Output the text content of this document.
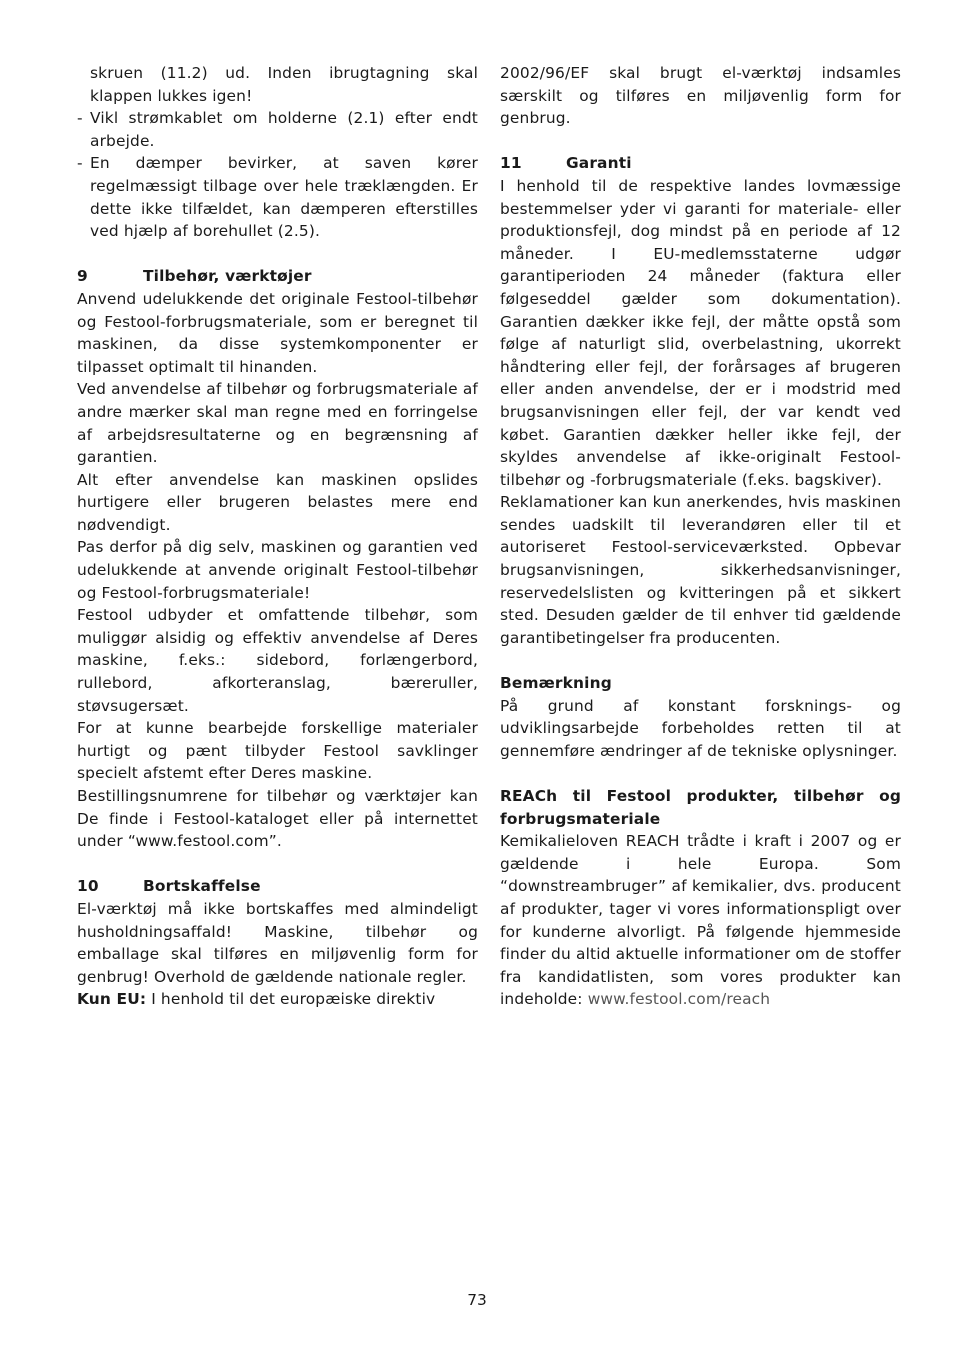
skruen (11.2) ud. Inden ibrugtagning skal klappen lukkes igen!

- Vikl strømkablet om holderne (2.1) efter endt arbejde.

- En dæmper bevirker, at saven kører regelmæssigt tilbage over hele træklængden. Er dette ikke tilfældet, kan dæmperen efterstilles ved hjælp af borehullet (2.5).

9	Tilbehør, værktøjer

Anvend udelukkende det originale Festool-tilbehør og Festool-forbrugsmateriale, som er beregnet til maskinen, da disse systemkomponenter er tilpasset optimalt til hinanden.

Ved anvendelse af tilbehør og forbrugsmateriale af andre mærker skal man regne med en forringelse af arbejdsresultaterne og en begrænsning af garantien.

Alt efter anvendelse kan maskinen opslides hurtigere eller brugeren belastes mere end nødvendigt.

Pas derfor på dig selv, maskinen og garantien ved udelukkende at anvende originalt Festool-tilbehør og Festool-forbrugsmateriale!

Festool udbyder et omfattende tilbehør, som muliggør alsidig og effektiv anvendelse af Deres maskine, f.eks.: sidebord, forlængerbord, rullebord, afkorteranslag, bæreruller, støvsugersæt.

For at kunne bearbejde forskellige materialer hurtigt og pænt tilbyder Festool savklinger specielt afstemt efter Deres maskine.

Bestillingsnumrene for tilbehør og værktøjer kan De finde i Festool-kataloget eller på internettet under “www.festool.com”.

10	Bortskaffelse

El-værktøj må ikke bortskaffes med almindeligt husholdningsaffald! Maskine, tilbehør og emballage skal tilføres en miljøvenlig form for genbrug! Overhold de gældende nationale regler.

Kun EU: I henhold til det europæiske direktiv

2002/96/EF skal brugt el-værktøj indsamles særskilt og tilføres en miljøvenlig form for genbrug.

11	Garanti

I henhold til de respektive landes lovmæssige bestemmelser yder vi garanti for materiale- eller produktionsfejl, dog mindst på en periode af 12 måneder. I EU-medlemsstaterne udgør garantiperioden 24 måneder (faktura eller følgeseddel gælder som dokumentation). Garantien dækker ikke fejl, der måtte opstå som følge af naturligt slid, overbelastning, ukorrekt håndtering eller fejl, der forårsages af brugeren eller anden anvendelse, der er i modstrid med brugsanvisningen eller fejl, der var kendt ved købet. Garantien dækker heller ikke fejl, der skyldes anvendelse af ikke-originalt Festool-tilbehør og -forbrugsmateriale (f.eks. bagskiver).

Reklamationer kan kun anerkendes, hvis maskinen sendes uadskilt til leverandøren eller til et autoriseret Festool-serviceværksted. Opbevar brugsanvisningen, sikkerhedsanvisninger, reservedelslisten og kvitteringen på et sikkert sted. Desuden gælder de til enhver tid gældende garantibetingelser fra producenten.

Bemærkning

På grund af konstant forsknings- og udviklingsarbejde forbeholdes retten til at gennemføre ændringer af de tekniske oplysninger.

REACh til Festool produkter, tilbehør og forbrugsmateriale

Kemikalieloven REACH trådte i kraft i 2007 og er gældende i hele Europa. Som “downstreambruger” af kemikalier, dvs. producent af produkter, tager vi vores informationspligt over for kunderne alvorligt. På følgende hjemmeside finder du altid aktuelle informationer om de stoffer fra kandidatlisten, som vores produkter kan indeholde: www.festool.com/reach

73
